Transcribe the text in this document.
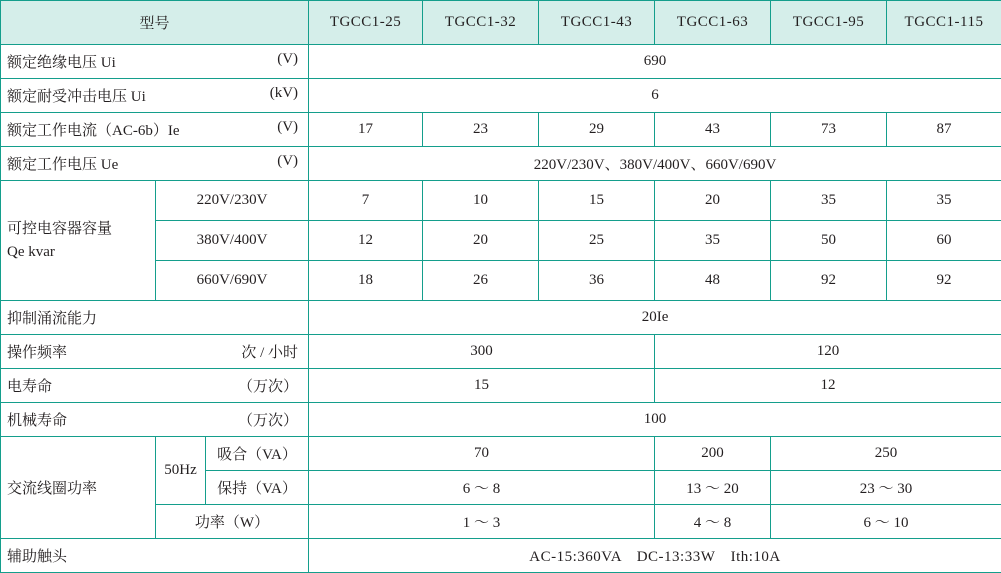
型号			TGCC1-25	TGCC1-32	TGCC1-43	TGCC1-63	TGCC1-95	TGCC1-115

额定绝缘电压 Ui (V)			690					

额定耐受冲击电压 Ui (kV)			6					

额定工作电流（AC-6b）Ie (V)			17	23	29	43	73	87

额定工作电压 Ue (V)			220V/230V、380V/400V、660V/690V					

可控电容器容量
Qe kvar	220V/230V		7	10	15	20	35	35
	380V/400V		12	20	25	35	50	60
	660V/690V		18	26	36	48	92	92
抑制涌流能力			20Ie					

操作频率 次 / 小时			300			120		

电寿命 （万次）			15			12		

机械寿命 （万次）			100					
交流线圈功率	50Hz	吸合（VA）	70			200	250	
		保持（VA）	6 ～ 8			13 ～ 20	23 ～ 30	
	功率（W）		1 ～ 3			4 ～ 8	6 ～ 10	
辅助触头			AC-15:360VA　DC-13:33W　Ith:10A					
